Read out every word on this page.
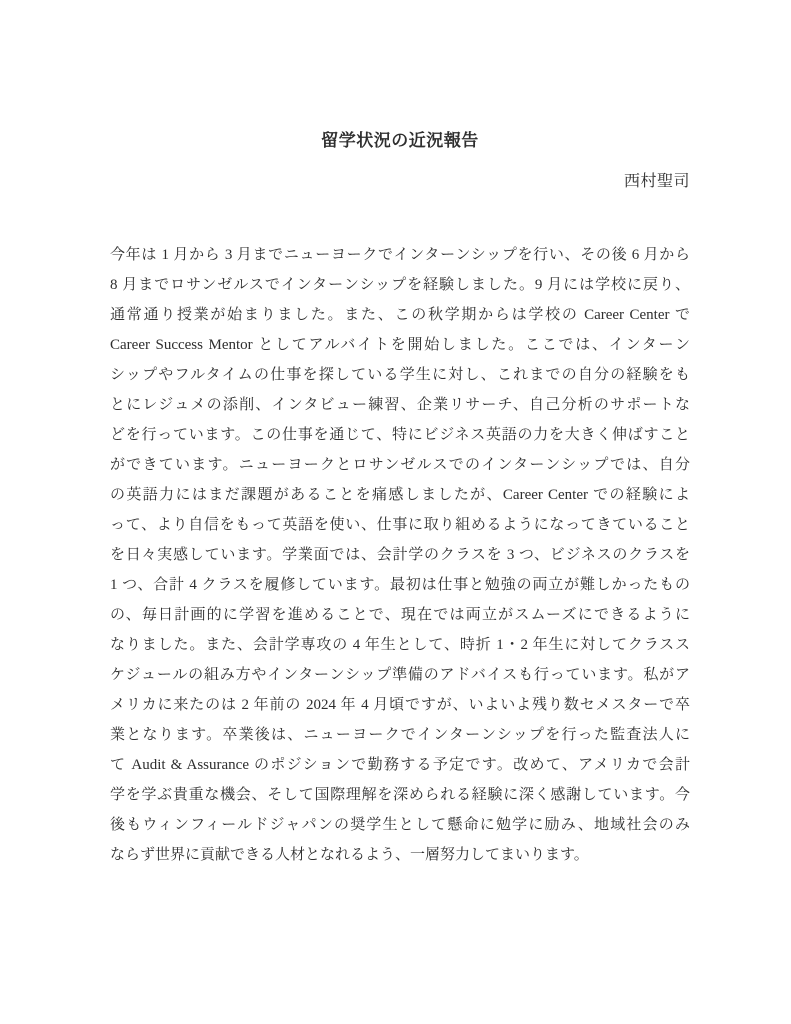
留学状況の近況報告
西村聖司
今年は 1 月から 3 月までニューヨークでインターンシップを行い、その後 6 月から
8 月までロサンゼルスでインターンシップを経験しました。9 月には学校に戻り、
通常通り授業が始まりました。また、この秋学期からは学校の Career Center で
Career Success Mentor としてアルバイトを開始しました。ここでは、インターン
シップやフルタイムの仕事を探している学生に対し、これまでの自分の経験をも
とにレジュメの添削、インタビュー練習、企業リサーチ、自己分析のサポートな
どを行っています。この仕事を通じて、特にビジネス英語の力を大きく伸ばすこと
ができています。ニューヨークとロサンゼルスでのインターンシップでは、自分
の英語力にはまだ課題があることを痛感しましたが、Career Center での経験によ
って、より自信をもって英語を使い、仕事に取り組めるようになってきていること
を日々実感しています。学業面では、会計学のクラスを 3 つ、ビジネスのクラスを
1 つ、合計 4 クラスを履修しています。最初は仕事と勉強の両立が難しかったもの
の、毎日計画的に学習を進めることで、現在では両立がスムーズにできるように
なりました。また、会計学専攻の 4 年生として、時折 1・2 年生に対してクラスス
ケジュールの組み方やインターンシップ準備のアドバイスも行っています。私がア
メリカに来たのは 2 年前の 2024 年 4 月頃ですが、いよいよ残り数セメスターで卒
業となります。卒業後は、ニューヨークでインターンシップを行った監査法人に
て Audit & Assurance のポジションで勤務する予定です。改めて、アメリカで会計
学を学ぶ貴重な機会、そして国際理解を深められる経験に深く感謝しています。今
後もウィンフィールドジャパンの奨学生として懸命に勉学に励み、地域社会のみ
ならず世界に貢献できる人材となれるよう、一層努力してまいります。
